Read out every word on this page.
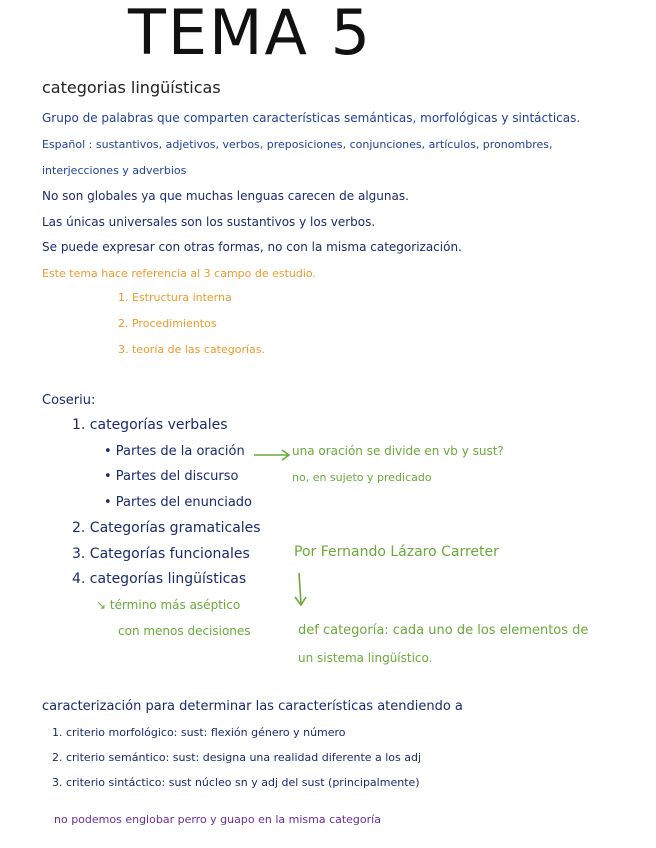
TEMA 5
categorias lingüísticas
Grupo de palabras que comparten características semánticas, morfológicas y sintácticas.
Español : sustantivos, adjetivos, verbos, preposiciones, conjunciones, artículos, pronombres,
interjecciones y adverbios
No son globales ya que muchas lenguas carecen de algunas.
Las únicas universales son los sustantivos y los verbos.
Se puede expresar con otras formas, no con la misma categorización.
Este tema hace referencia al 3 campo de estudio.
1. Estructura interna
2. Procedimientos
3. teoría de las categorías.
Coseriu:
1. categorías verbales
• Partes de la oración
• Partes del discurso
• Partes del enunciado
2. Categorías gramaticales
3. Categorías funcionales
4. categorías lingüísticas
↘ término más aséptico
con menos decisiones
una oración se divide en vb y sust?
no, en sujeto y predicado
Por Fernando Lázaro Carreter
def categoría: cada uno de los elementos de
un sistema lingüístico.
caracterización para determinar las características atendiendo a
1. criterio morfológico: sust: flexión género y número
2. criterio semántico: sust: designa una realidad diferente a los adj
3. criterio sintáctico: sust núcleo sn y adj del sust (principalmente)
no podemos englobar perro y guapo en la misma categoría
